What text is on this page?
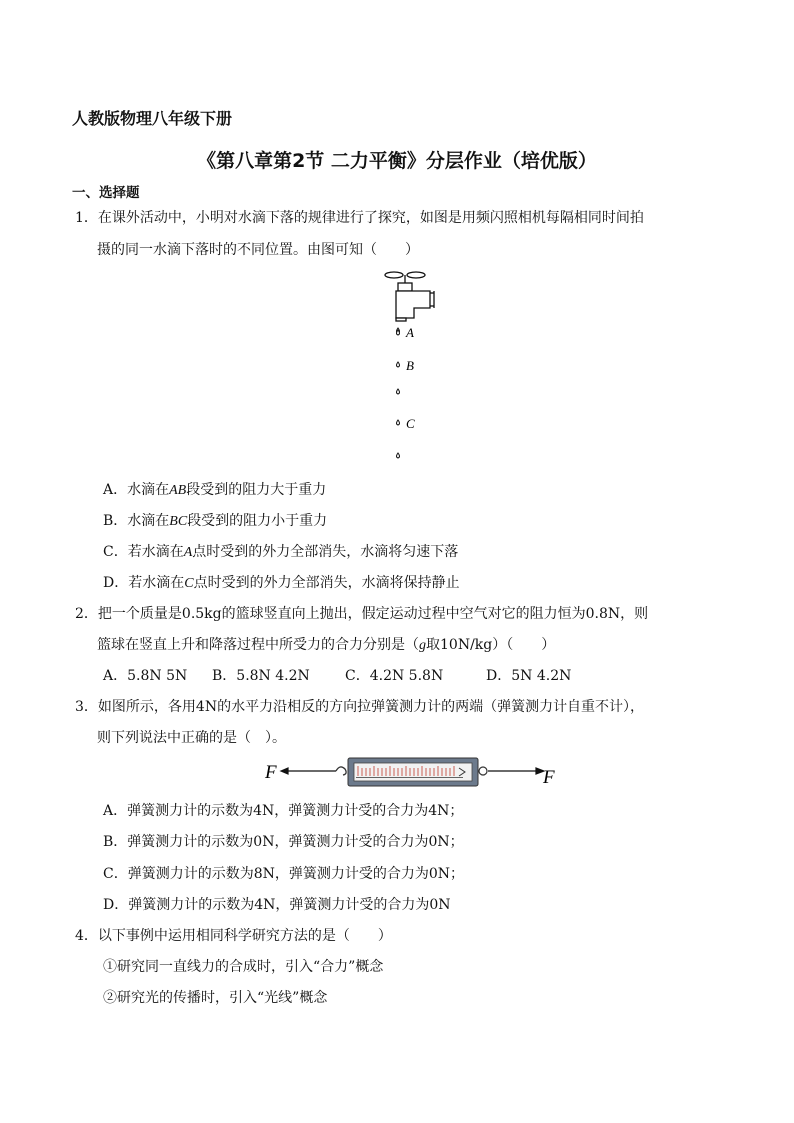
人教版物理八年级下册
《第八章第2节 二力平衡》分层作业（培优版）
一、选择题
1．在课外活动中，小明对水滴下落的规律进行了探究，如图是用频闪照相机每隔相同时间拍
摄的同一水滴下落时的不同位置。由图可知（　　）
A
B
C
A．水滴在AB段受到的阻力大于重力
B．水滴在BC段受到的阻力小于重力
C．若水滴在A点时受到的外力全部消失，水滴将匀速下落
D．若水滴在C点时受到的外力全部消失，水滴将保持静止
2．把一个质量是0.5kg的篮球竖直向上抛出，假定运动过程中空气对它的阻力恒为0.8N，则
篮球在竖直上升和降落过程中所受力的合力分别是（g取10N/kg）（　　）
A．5.8N 5N B．5.8N 4.2N	C．4.2N 5.8N	D．5N 4.2N
3．如图所示，各用4N的水平力沿相反的方向拉弹簧测力计的两端（弹簧测力计自重不计），
则下列说法中正确的是（　）。
F	F
A．弹簧测力计的示数为4N，弹簧测力计受的合力为4N；
B．弹簧测力计的示数为0N，弹簧测力计受的合力为0N；
C．弹簧测力计的示数为8N，弹簧测力计受的合力为0N；
D．弹簧测力计的示数为4N，弹簧测力计受的合力为0N
4．以下事例中运用相同科学研究方法的是（　　）
①研究同一直线力的合成时，引入“合力”概念
②研究光的传播时，引入“光线”概念
